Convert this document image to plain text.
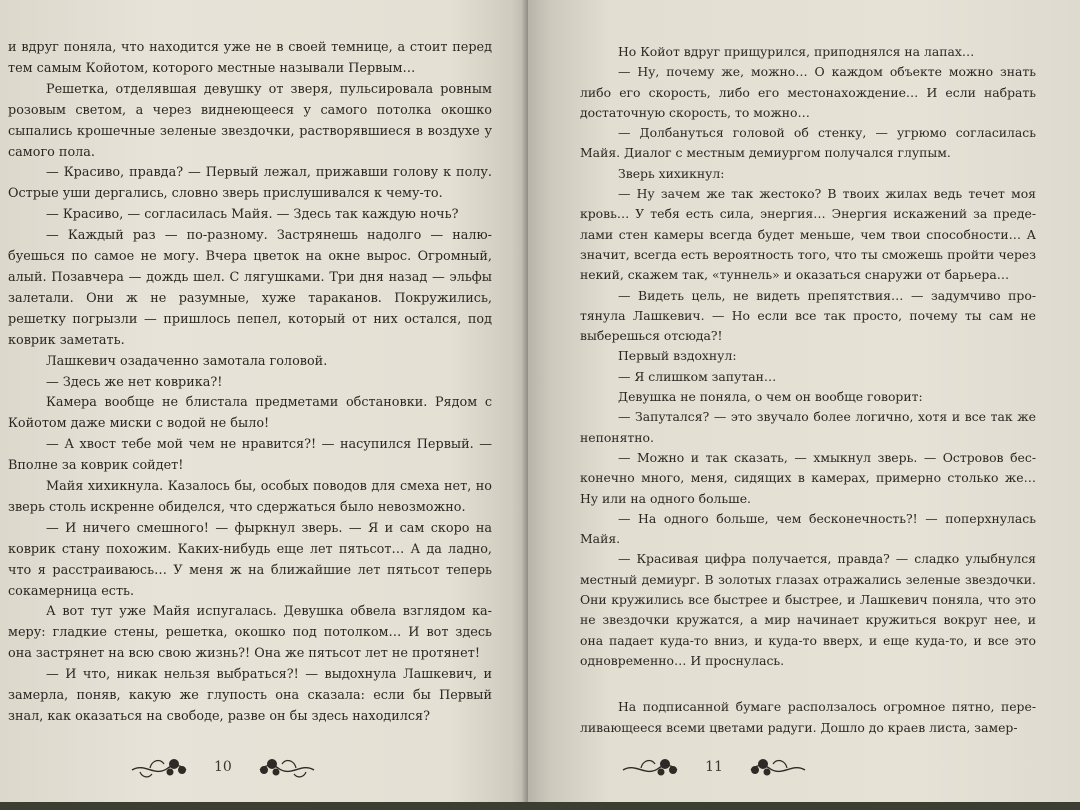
и вдруг поняла, что находится уже не в своей темнице, а стоит перед тем самым Койотом, которого местные называли Первым…

Решетка, отделявшая девушку от зверя, пульсировала ровным розовым светом, а через виднеющееся у самого потолка окошко сыпались крошечные зеленые звездочки, растворявшиеся в воздухе у самого пола.

— Красиво, правда? — Первый лежал, прижавши голову к полу. Острые уши дергались, словно зверь прислушивался к чему-то.

— Красиво, — согласилась Майя. — Здесь так каждую ночь?

— Каждый раз — по-разному. Застрянешь надолго — налюбуешься по самое не могу. Вчера цветок на окне вырос. Огромный, алый. Позавчера — дождь шел. С лягушками. Три дня назад — эльфы залетали. Они ж не разумные, хуже тараканов. Покружились, решетку погрызли — пришлось пепел, который от них остался, под коврик заметать.

Лашкевич озадаченно замотала головой.

— Здесь же нет коврика?!

Камера вообще не блистала предметами обстановки. Рядом с Койотом даже миски с водой не было!

— А хвост тебе мой чем не нравится?! — насупился Первый. — Вполне за коврик сойдет!

Майя хихикнула. Казалось бы, особых поводов для смеха нет, но зверь столь искренне обиделся, что сдержаться было невозможно.

— И ничего смешного! — фыркнул зверь. — Я и сам скоро на коврик стану похожим. Каких-нибудь еще лет пятьсот… А да ладно, что я расстраиваюсь… У меня ж на ближайшие лет пятьсот теперь сокамерница есть.

А вот тут уже Майя испугалась. Девушка обвела взглядом камеру: гладкие стены, решетка, окошко под потолком… И вот здесь она застрянет на всю свою жизнь?! Она же пятьсот лет не протянет!

— И что, никак нельзя выбраться?! — выдохнула Лашкевич, и замерла, поняв, какую же глупость она сказала: если бы Первый знал, как оказаться на свободе, разве он бы здесь находился?

10

Но Койот вдруг прищурился, приподнялся на лапах…

— Ну, почему же, можно… О каждом объекте можно знать либо его скорость, либо его местонахождение… И если набрать достаточную скорость, то можно…

— Долбануться головой об стенку, — угрюмо согласилась Майя. Диалог с местным демиургом получался глупым.

Зверь хихикнул:

— Ну зачем же так жестоко? В твоих жилах ведь течет моя кровь… У тебя есть сила, энергия… Энергия искажений за пределами стен камеры всегда будет меньше, чем твои способности… А значит, всегда есть вероятность того, что ты сможешь пройти через некий, скажем так, «туннель» и оказаться снаружи от барьера…

— Видеть цель, не видеть препятствия… — задумчиво протянула Лашкевич. — Но если все так просто, почему ты сам не выберешься отсюда?!

Первый вздохнул:

— Я слишком запутан…

Девушка не поняла, о чем он вообще говорит:

— Запутался? — это звучало более логично, хотя и все так же непонятно.

— Можно и так сказать, — хмыкнул зверь. — Островов бесконечно много, меня, сидящих в камерах, примерно столько же… Ну или на одного больше.

— На одного больше, чем бесконечность?! — поперхнулась Майя.

— Красивая цифра получается, правда? — сладко улыбнулся местный демиург. В золотых глазах отражались зеленые звездочки. Они кружились все быстрее и быстрее, и Лашкевич поняла, что это не звездочки кружатся, а мир начинает кружиться вокруг нее, и она падает куда-то вниз, и куда-то вверх, и еще куда-то, и все это одновременно… И проснулась.

На подписанной бумаге расползалось огромное пятно, переливающееся всеми цветами радуги. Дошло до краев листа, замер-

11
